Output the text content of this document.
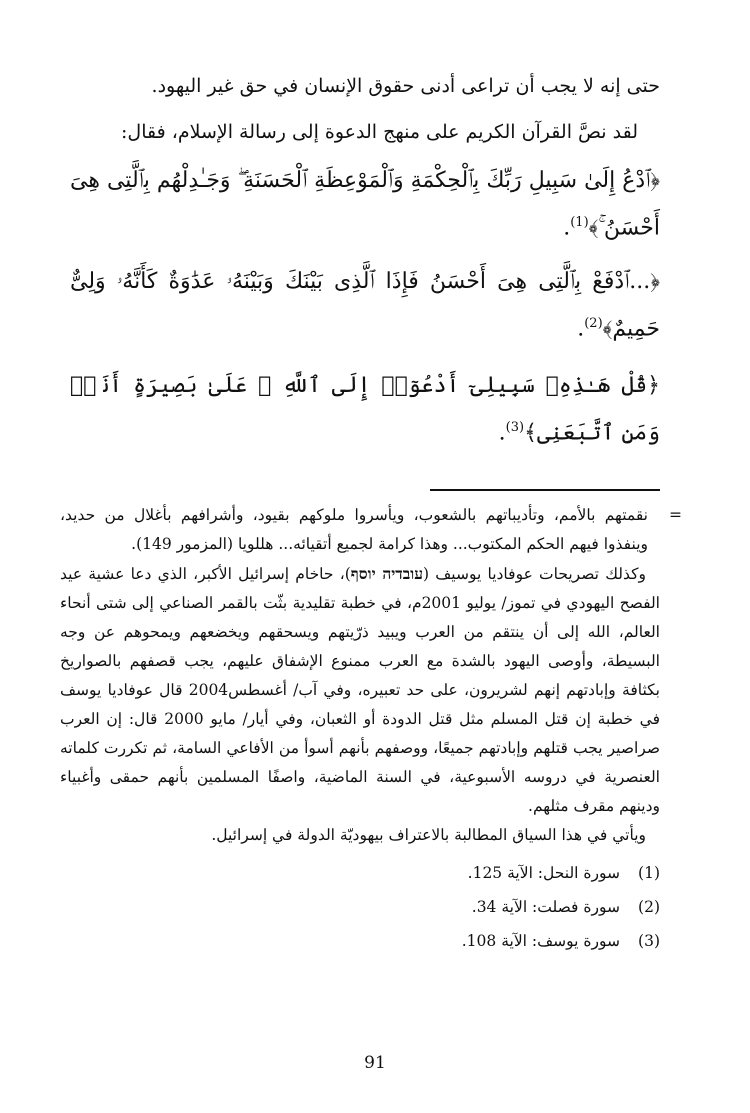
حتى إنه لا يجب أن تراعى أدنى حقوق الإنسان في حق غير اليهود.

لقد نصَّ القرآن الكريم على منهج الدعوة إلى رسالة الإسلام، فقال:

﴿ٱدْعُ إِلَىٰ سَبِيلِ رَبِّكَ بِٱلْحِكْمَةِ وَٱلْمَوْعِظَةِ ٱلْحَسَنَةِ ۖ وَجَـٰدِلْهُم بِٱلَّتِى هِىَ أَحْسَنُ ۚ﴾$^{(1)}$.

﴿...ٱدْفَعْ بِٱلَّتِى هِىَ أَحْسَنُ فَإِذَا ٱلَّذِى بَيْنَكَ وَبَيْنَهُۥ عَدَٰوَةٌ كَأَنَّهُۥ وَلِىٌّ حَمِيمٌ﴾$^{(2)}$.

﴿قُلْ هَـٰذِهِۦ سَبِيلِىٓ أَدْعُوٓا۟ إِلَى ٱللَّهِ ۚ عَلَىٰ بَصِيرَةٍ أَنَا۠ وَمَنِ ٱتَّبَعَنِى﴾$^{(3)}$.

=
نقمتهم بالأمم، وتأديباتهم بالشعوب، ويأسروا ملوكهم بقيود، وأشرافهم بأغلال من حديد، وينفذوا فيهم الحكم المكتوب... وهذا كرامة لجميع أتقيائه... هللويا (المزمور 149).

وكذلك تصريحات عوفاديا يوسيف (עובדיה יוסף)، حاخام إسرائيل الأكبر، الذي دعا عشية عيد الفصح اليهودي في تموز/ يوليو 2001م، في خطبة تقليدية بثّت بالقمر الصناعي إلى شتى أنحاء العالم، الله إلى أن ينتقم من العرب ويبيد ذرّيتهم ويسحقهم ويخضعهم ويمحوهم عن وجه البسيطة، وأوصى اليهود بالشدة مع العرب ممنوع الإشفاق عليهم، يجب قصفهم بالصواريخ بكثافة وإبادتهم إنهم لشريرون، على حد تعبيره، وفي آب/ أغسطس2004 قال عوفاديا يوسف في خطبة إن قتل المسلم مثل قتل الدودة أو الثعبان، وفي أيار/ مايو 2000 قال: إن العرب صراصير يجب قتلهم وإبادتهم جميعًا، ووصفهم بأنهم أسوأ من الأفاعي السامة، ثم تكررت كلماته العنصرية في دروسه الأسبوعية، في السنة الماضية، واصفًا المسلمين بأنهم حمقى وأغبياء ودينهم مقرف مثلهم.

ويأتي في هذا السياق المطالبة بالاعتراف بيهوديّة الدولة في إسرائيل.

(1)
سورة النحل: الآية 125.

(2)
سورة فصلت: الآية 34.

(3)
سورة يوسف: الآية 108.

91
